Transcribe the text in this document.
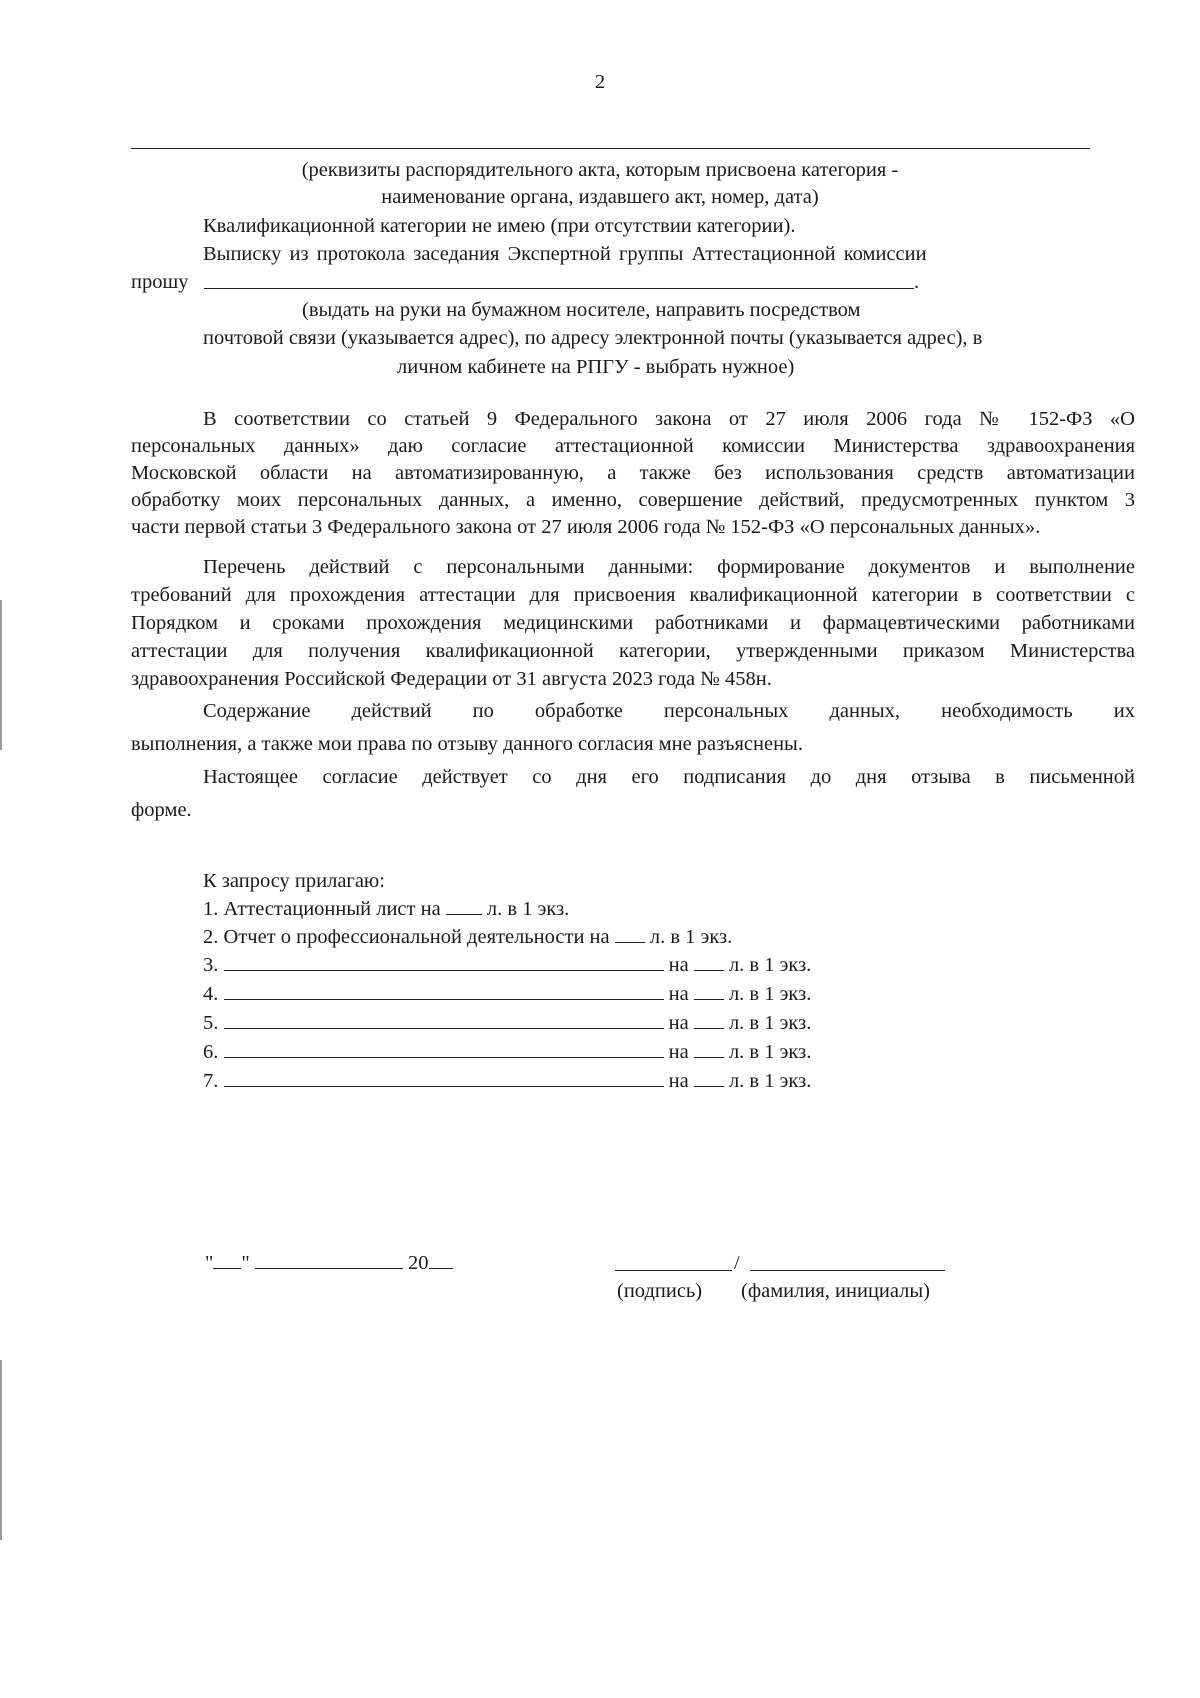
2
(реквизиты распорядительного акта, которым присвоена категория -
наименование органа, издавшего акт, номер, дата)
Квалификационной категории не имею (при отсутствии категории).
Выписку из протокола заседания Экспертной группы Аттестационной комиссии
прошу	.
(выдать на руки на бумажном носителе, направить посредством
почтовой связи (указывается адрес), по адресу электронной почты (указывается адрес), в
личном кабинете на РПГУ - выбрать нужное)
В соответствии со статьей 9 Федерального закона от 27 июля 2006 года № 152-ФЗ «О
персональных данных» даю согласие аттестационной комиссии Министерства здравоохранения
Московской области на автоматизированную, а также без использования средств автоматизации
обработку моих персональных данных, а именно, совершение действий, предусмотренных пунктом 3
части первой статьи 3 Федерального закона от 27 июля 2006 года № 152-ФЗ «О персональных данных».
Перечень действий с персональными данными: формирование документов и выполнение
требований для прохождения аттестации для присвоения квалификационной категории в соответствии с
Порядком и сроками прохождения медицинскими работниками и фармацевтическими работниками
аттестации для получения квалификационной категории, утвержденными приказом Министерства
здравоохранения Российской Федерации от 31 августа 2023 года № 458н.
Содержание действий по обработке персональных данных, необходимость их
выполнения, а также мои права по отзыву данного согласия мне разъяснены.
Настоящее согласие действует со дня его подписания до дня отзыва в письменной
форме.
К запросу прилагаю:
1. Аттестационный лист на л. в 1 экз.
2. Отчет о профессиональной деятельности на л. в 1 экз.
3.	на л. в 1 экз.
4.	на л. в 1 экз.
5.	на л. в 1 экз.
6.	на л. в 1 экз.
7.	на л. в 1 экз.
" "	20	/
(подпись) (фамилия, инициалы)
